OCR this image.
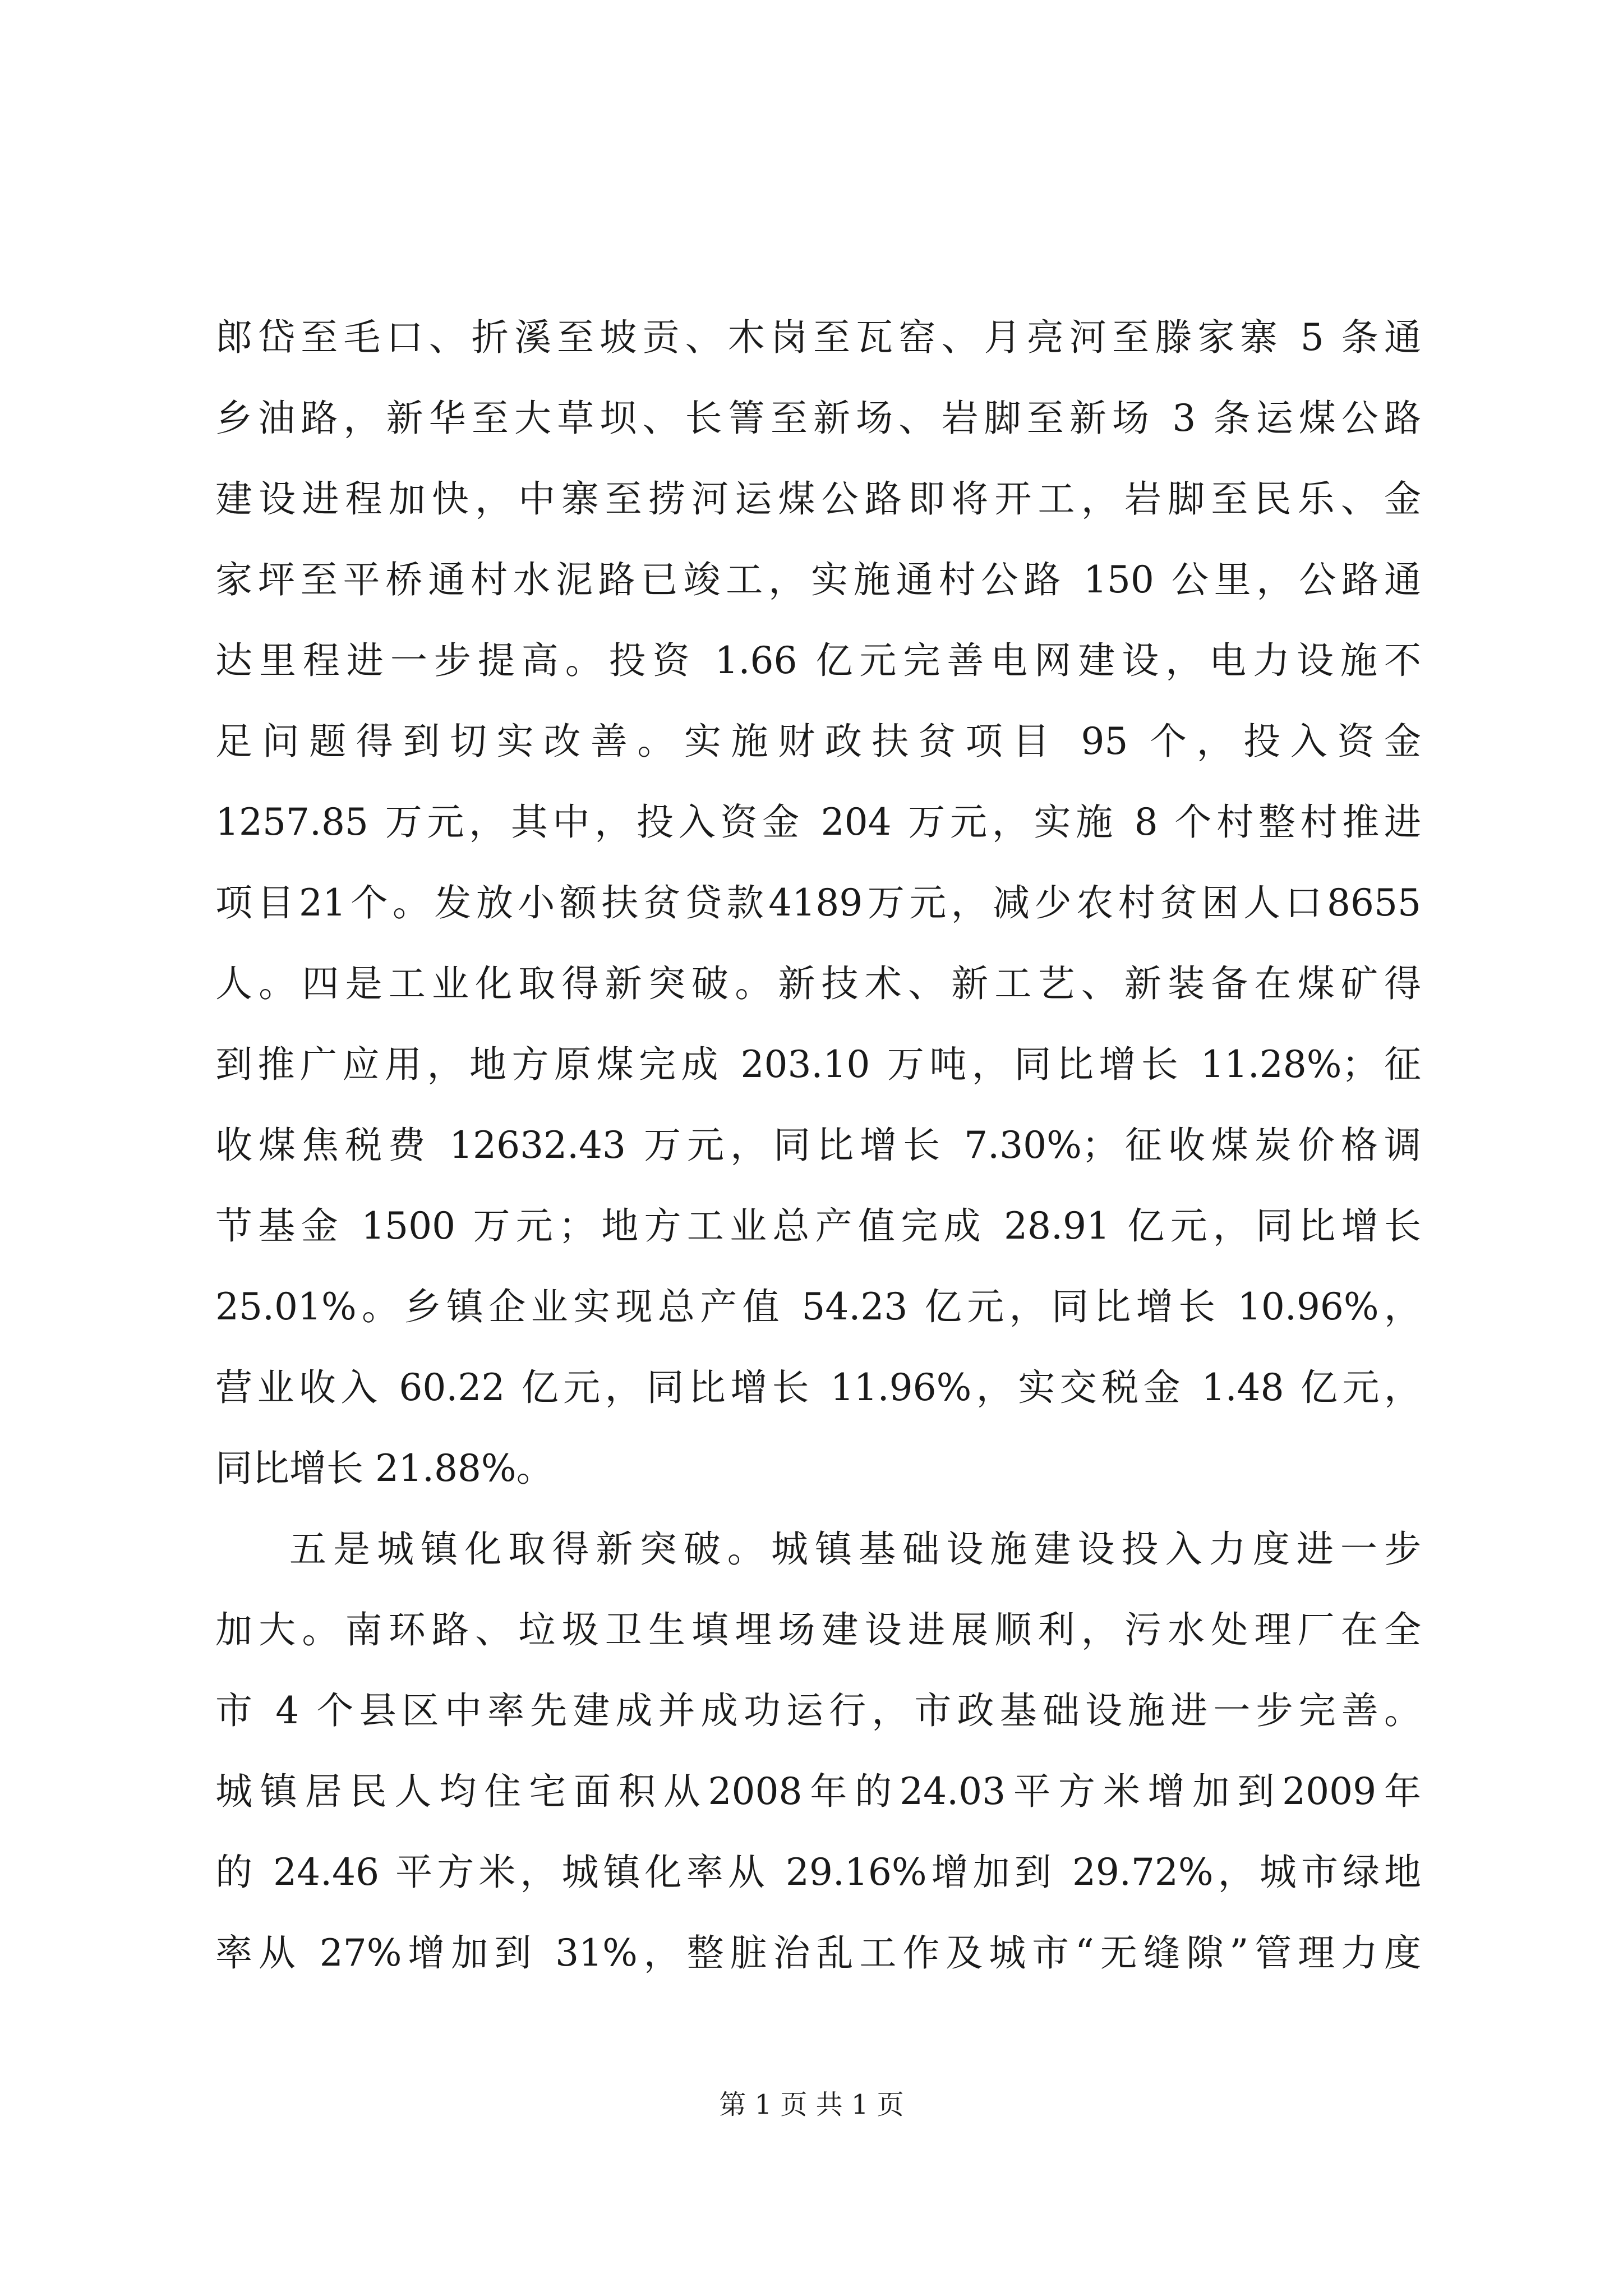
郎岱至毛口、折溪至坡贡、木岗至瓦窑、月亮河至滕家寨 5 条通
乡油路，新华至大草坝、长箐至新场、岩脚至新场 3 条运煤公路
建设进程加快，中寨至捞河运煤公路即将开工，岩脚至民乐、金
家坪至平桥通村水泥路已竣工，实施通村公路 150 公里，公路通
达里程进一步提高。投资 1.66 亿元完善电网建设，电力设施不
足问题得到切实改善。实施财政扶贫项目 95 个，投入资金
1257.85 万元，其中，投入资金 204 万元，实施 8 个村整村推进
项目21个。发放小额扶贫贷款4189万元，减少农村贫困人口8655
人。四是工业化取得新突破。新技术、新工艺、新装备在煤矿得
到推广应用，地方原煤完成 203.10 万吨，同比增长 11.28%；征
收煤焦税费 12632.43 万元，同比增长 7.30%；征收煤炭价格调
节基金 1500 万元；地方工业总产值完成 28.91 亿元，同比增长
25.01%。乡镇企业实现总产值 54.23 亿元，同比增长 10.96%，
营业收入 60.22 亿元，同比增长 11.96%，实交税金 1.48 亿元，
同比增长 21.88%。
五是城镇化取得新突破。城镇基础设施建设投入力度进一步
加大。南环路、垃圾卫生填埋场建设进展顺利，污水处理厂在全
市 4 个县区中率先建成并成功运行，市政基础设施进一步完善。
城镇居民人均住宅面积从2008年的24.03平方米增加到2009年
的 24.46 平方米，城镇化率从 29.16%增加到 29.72%，城市绿地
率从 27%增加到 31%，整脏治乱工作及城市“无缝隙”管理力度
第 1 页 共 1 页
